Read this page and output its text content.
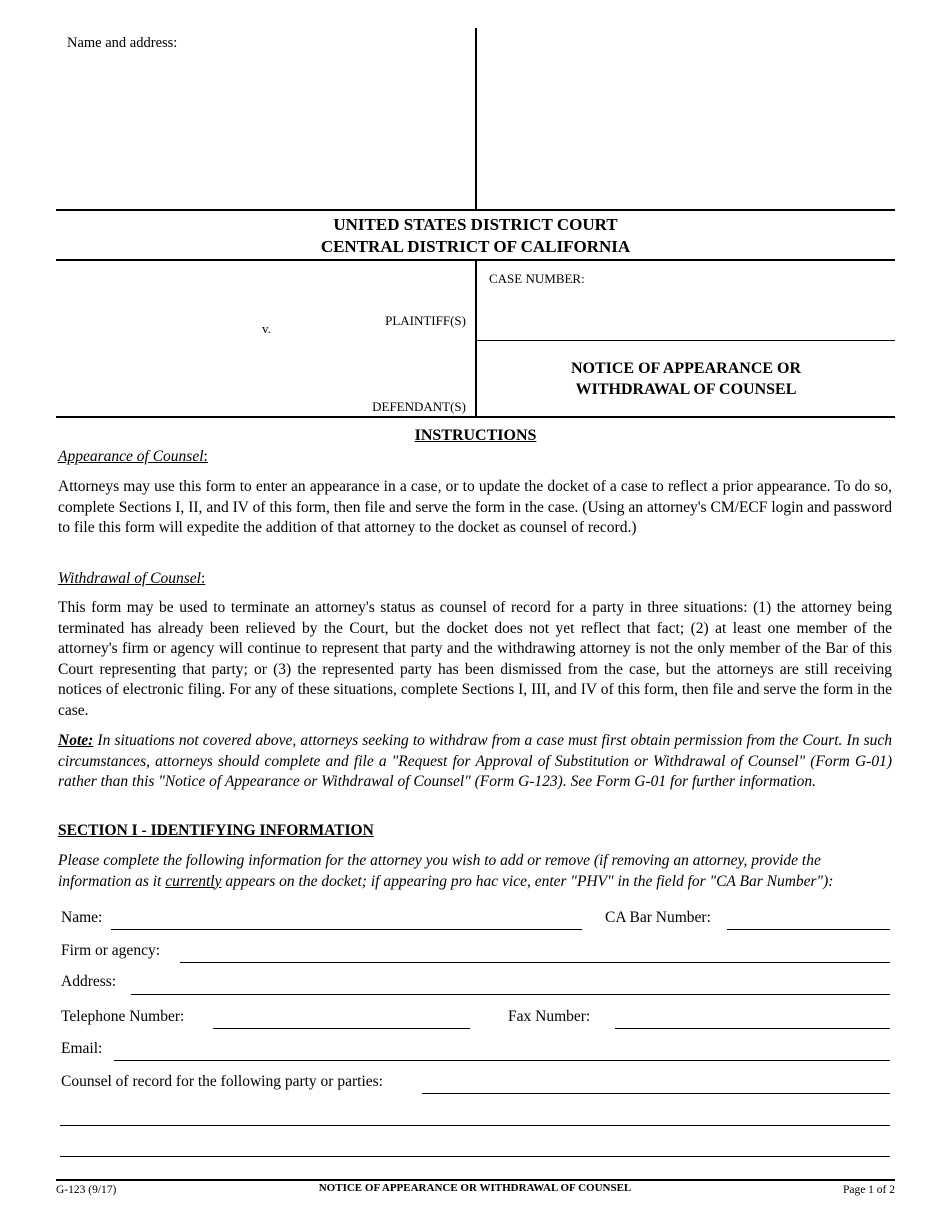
Name and address:
UNITED STATES DISTRICT COURT
CENTRAL DISTRICT OF CALIFORNIA
v.
PLAINTIFF(S)
DEFENDANT(S)
CASE NUMBER:
NOTICE OF APPEARANCE OR
WITHDRAWAL OF COUNSEL
INSTRUCTIONS
Appearance of Counsel:
Attorneys may use this form to enter an appearance in a case, or to update the docket of a case to reflect a prior appearance. To do so, complete Sections I, II, and IV of this form, then file and serve the form in the case. (Using an attorney's CM/ECF login and password to file this form will expedite the addition of that attorney to the docket as counsel of record.)
Withdrawal of Counsel:
This form may be used to terminate an attorney's status as counsel of record for a party in three situations: (1) the attorney being terminated has already been relieved by the Court, but the docket does not yet reflect that fact; (2) at least one member of the attorney's firm or agency will continue to represent that party and the withdrawing attorney is not the only member of the Bar of this Court representing that party; or (3) the represented party has been dismissed from the case, but the attorneys are still receiving notices of electronic filing. For any of these situations, complete Sections I, III, and IV of this form, then file and serve the form in the case.
Note: In situations not covered above, attorneys seeking to withdraw from a case must first obtain permission from the Court. In such circumstances, attorneys should complete and file a "Request for Approval of Substitution or Withdrawal of Counsel" (Form G-01) rather than this "Notice of Appearance or Withdrawal of Counsel" (Form G-123). See Form G-01 for further information.
SECTION I - IDENTIFYING INFORMATION
Please complete the following information for the attorney you wish to add or remove (if removing an attorney, provide the information as it currently appears on the docket; if appearing pro hac vice, enter "PHV" in the field for "CA Bar Number"):
Name:	CA Bar Number:
Firm or agency:
Address:
Telephone Number:	Fax Number:
Email:
Counsel of record for the following party or parties:
G-123 (9/17)	NOTICE OF APPEARANCE OR WITHDRAWAL OF COUNSEL	Page 1 of 2
